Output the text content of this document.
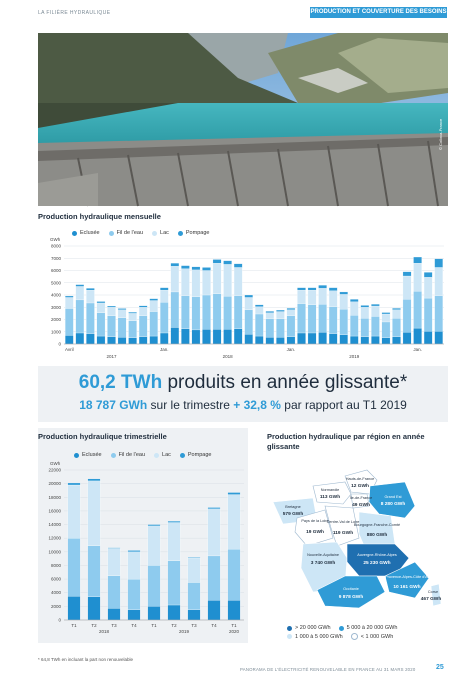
LA FILIÈRE HYDRAULIQUE	PRODUCTION ET COUVERTURE DES BESOINS
© Colloca-France
Production hydraulique mensuelle
Eclusée	Fil de l'eau	Lac	Pompage
8000
7000
6000
5000
4000
3000
2000
1000
0
GWh
Avril	Jan.	Jan.	Jan.
2017	2018	2019
60,2 TWh produits en année glissante*
18 787 GWh sur le trimestre + 32,8 % par rapport au T1 2019
Production hydraulique trimestrielle
Eclusée	Fil de l'eau	Lac	Pompage
22000
20000
18000
16000
14000
12000
10000
8000
6000
4000
2000
0
GWh
T1	T2	T3	T4	T1	T2	T3	T4	T1
2018	2019	2020
Production hydraulique par région en année glissante
Hauts-de-France
12 GWh
Normandie
113 GWh	Île-de-France
49 GWh
Grand Est
8 280 GWh
Bretagne
579 GWh
Pays de la Loire
19 GWh
Centre-Val de Loire
119 GWh
Bourgogne-Franche-Comté
880 GWh
Nouvelle-Aquitaine
3 740 GWh
Auvergne-Rhône-Alpes
25 230 GWh
Occitanie
9 878 GWh
Provence-Alpes-Côte d'Azur
10 161 GWh
Corse
467 GWh
> 20 000 GWh	5 000 à 20 000 GWh
1 000 à 5 000 GWh	< 1 000 GWh
* 64,8 TWh en incluant la part non renouvelable
PANORAMA DE L'ÉLECTRICITÉ RENOUVELABLE EN FRANCE AU 31 MARS 2020	25
